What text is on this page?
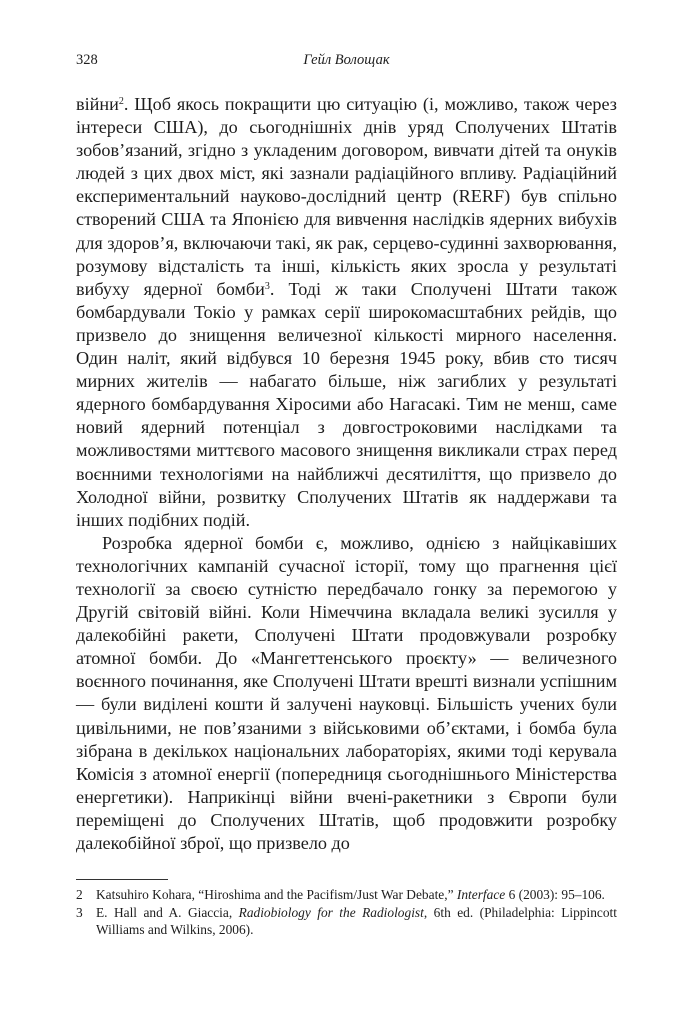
328	Гейл Волощак

війни$^2$. Щоб якось покращити цю ситуацію (і, можливо, також через інтереси США), до сьогоднішніх днів уряд Сполучених Штатів зобов’язаний, згідно з укладеним договором, вивчати дітей та онуків людей з цих двох міст, які зазнали радіаційного впливу. Радіаційний експериментальний науково-дослідний центр (RERF) був спільно створений США та Японією для вивчення наслідків ядерних вибухів для здоров’я, включаючи такі, як рак, серцево-судинні захворювання, розумову відсталість та інші, кількість яких зросла у результаті вибуху ядерної бомби$^3$. Тоді ж таки Сполучені Штати також бомбардували Токіо у рамках серії широкомасштабних рейдів, що призвело до знищення величезної кількості мирного населення. Один наліт, який відбувся 10 березня 1945 року, вбив сто тисяч мирних жителів — набагато більше, ніж загиблих у результаті ядерного бомбардування Хіросими або Нагасакі. Тим не менш, саме новий ядерний потенціал з довгостроковими наслідками та можливостями миттєвого масового знищення викликали страх перед воєнними технологіями на найближчі десятиліття, що призвело до Холодної війни, розвитку Сполучених Штатів як наддержави та інших подібних подій.

Розробка ядерної бомби є, можливо, однією з найцікавіших технологічних кампаній сучасної історії, тому що прагнення цієї технології за своєю сутністю передбачало гонку за перемогою у Другій світовій війні. Коли Німеччина вкладала великі зусилля у далекобійні ракети, Сполучені Штати продовжували розробку атомної бомби. До «Мангеттенського проєкту» — величезного воєнного починання, яке Сполучені Штати врешті визнали успішним — були виділені кошти й залучені науковці. Більшість учених були цивільними, не пов’язаними з військовими об’єктами, і бомба була зібрана в декількох національних лабораторіях, якими тоді керувала Комісія з атомної енергії (попередниця сьогоднішнього Міністерства енергетики). Наприкінці війни вчені-ракетники з Європи були переміщені до Сполучених Штатів, щоб продовжити розробку далекобійної зброї, що призвело до

2 Katsuhiro Kohara, “Hiroshima and the Pacifism/Just War Debate,” Interface 6 (2003): 95–106.
3 E. Hall and A. Giaccia, Radiobiology for the Radiologist, 6th ed. (Philadelphia: Lippincott Williams and Wilkins, 2006).
